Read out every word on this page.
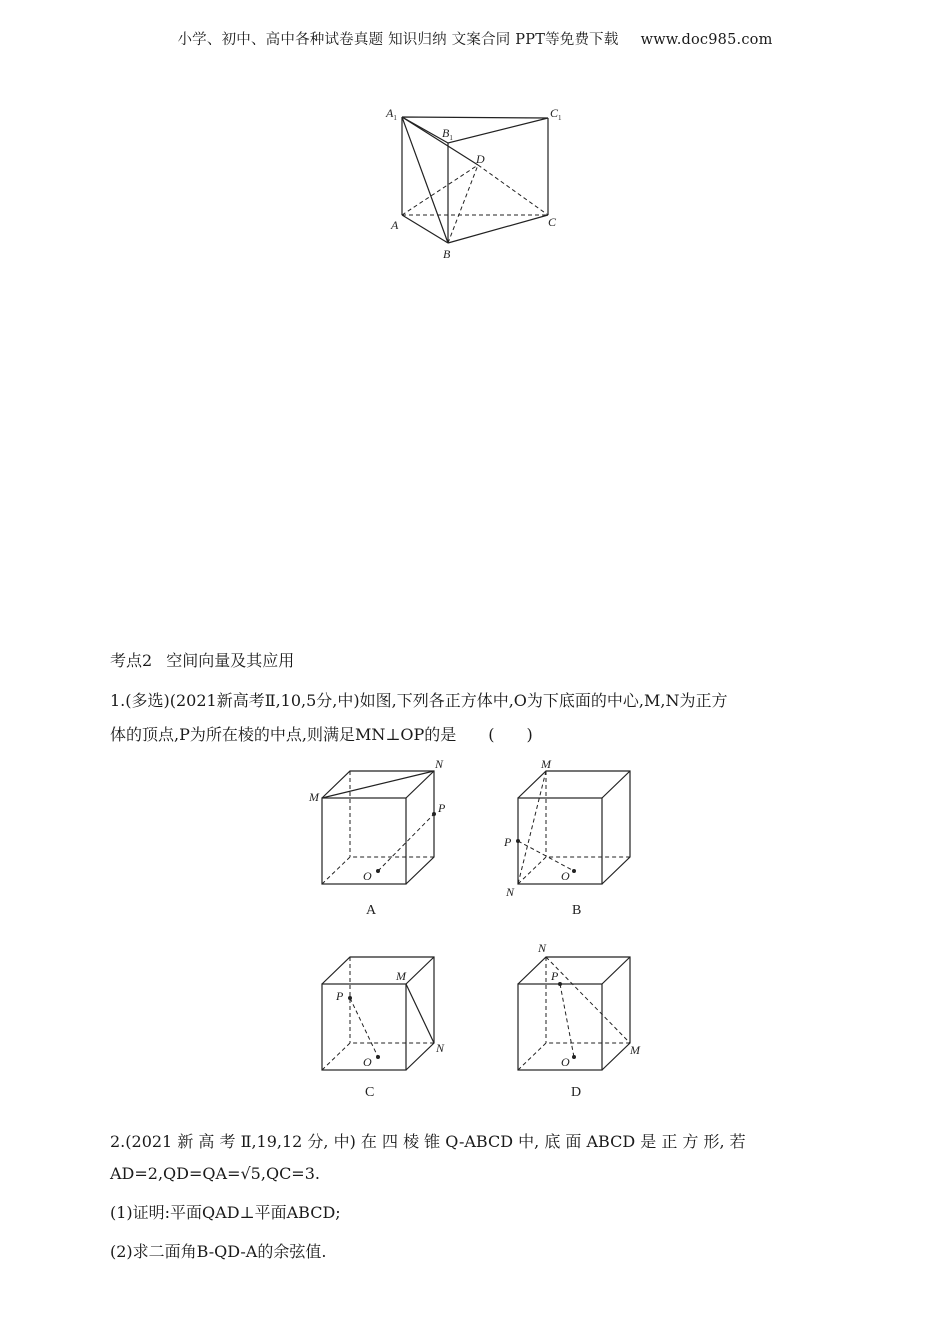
小学、初中、高中各种试卷真题 知识归纳 文案合同 PPT等免费下载 www.doc985.com
$A_1$
$B_1$
$C_1$
D
A
B
C

考点2 空间向量及其应用

1.(多选)(2021新高考Ⅱ,10,5分,中)如图,下列各正方体中,O为下底面的中心,M,N为正方

体的顶点,P为所在棱的中点,则满足MN⊥OP的是 (　　)

M
N
P
O
A
M
N
P
O
B
M
N
P
O
C
M
N
P
O
D

2.(2021 新 高 考 Ⅱ,19,12 分, 中) 在 四 棱 锥 Q-ABCD 中, 底 面 ABCD 是 正 方 形, 若

AD=2,QD=QA=√5,QC=3.

(1)证明:平面QAD⊥平面ABCD;

(2)求二面角B-QD-A的余弦值.
